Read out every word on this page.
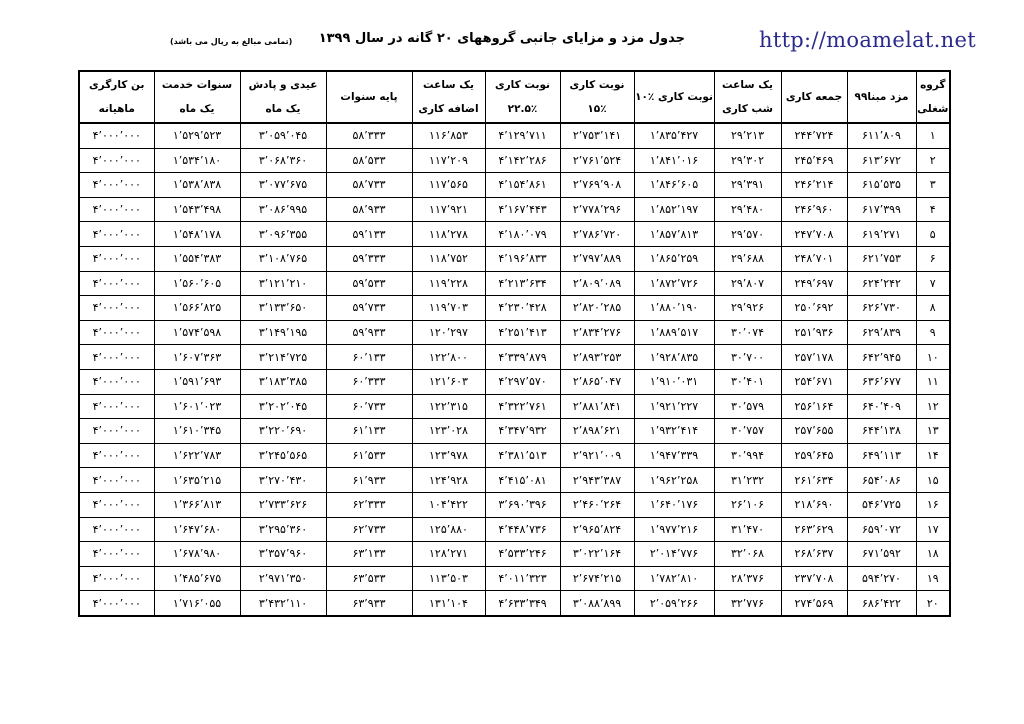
http://moamelat.net
جدول مزد و مزایای جانبی گروههای ۲۰ گانه در سال ۱۳۹۹
(تمامی مبالغ به ریال می باشد)
گروه شغلی	مزد مبنا۹۹	جمعه کاری	یک ساعت شب کاری	نوبت کاری ٪۱۰	نوبت کاری ٪۱۵	نوبت کاری ٪۲۲.۵	یک ساعت اضافه کاری	پایه سنوات	عیدی و پادش یک ماه	سنوات خدمت یک ماه	بن کارگری ماهیانه
۱	۶۱۱٬۸۰۹	۲۴۴٬۷۲۴	۲۹٬۲۱۳	۱٬۸۳۵٬۴۲۷	۲٬۷۵۳٬۱۴۱	۴٬۱۲۹٬۷۱۱	۱۱۶٬۸۵۳	۵۸٬۳۳۳	۳٬۰۵۹٬۰۴۵	۱٬۵۲۹٬۵۲۳	۴٬۰۰۰٬۰۰۰
۲	۶۱۳٬۶۷۲	۲۴۵٬۴۶۹	۲۹٬۳۰۲	۱٬۸۴۱٬۰۱۶	۲٬۷۶۱٬۵۲۴	۴٬۱۴۲٬۲۸۶	۱۱۷٬۲۰۹	۵۸٬۵۳۳	۳٬۰۶۸٬۳۶۰	۱٬۵۳۴٬۱۸۰	۴٬۰۰۰٬۰۰۰
۳	۶۱۵٬۵۳۵	۲۴۶٬۲۱۴	۲۹٬۳۹۱	۱٬۸۴۶٬۶۰۵	۲٬۷۶۹٬۹۰۸	۴٬۱۵۴٬۸۶۱	۱۱۷٬۵۶۵	۵۸٬۷۳۳	۳٬۰۷۷٬۶۷۵	۱٬۵۳۸٬۸۳۸	۴٬۰۰۰٬۰۰۰
۴	۶۱۷٬۳۹۹	۲۴۶٬۹۶۰	۲۹٬۴۸۰	۱٬۸۵۲٬۱۹۷	۲٬۷۷۸٬۲۹۶	۴٬۱۶۷٬۴۴۳	۱۱۷٬۹۲۱	۵۸٬۹۳۳	۳٬۰۸۶٬۹۹۵	۱٬۵۴۳٬۴۹۸	۴٬۰۰۰٬۰۰۰
۵	۶۱۹٬۲۷۱	۲۴۷٬۷۰۸	۲۹٬۵۷۰	۱٬۸۵۷٬۸۱۳	۲٬۷۸۶٬۷۲۰	۴٬۱۸۰٬۰۷۹	۱۱۸٬۲۷۸	۵۹٬۱۳۳	۳٬۰۹۶٬۳۵۵	۱٬۵۴۸٬۱۷۸	۴٬۰۰۰٬۰۰۰
۶	۶۲۱٬۷۵۳	۲۴۸٬۷۰۱	۲۹٬۶۸۸	۱٬۸۶۵٬۲۵۹	۲٬۷۹۷٬۸۸۹	۴٬۱۹۶٬۸۳۳	۱۱۸٬۷۵۲	۵۹٬۳۳۳	۳٬۱۰۸٬۷۶۵	۱٬۵۵۴٬۳۸۳	۴٬۰۰۰٬۰۰۰
۷	۶۲۴٬۲۴۲	۲۴۹٬۶۹۷	۲۹٬۸۰۷	۱٬۸۷۲٬۷۲۶	۲٬۸۰۹٬۰۸۹	۴٬۲۱۳٬۶۳۴	۱۱۹٬۲۲۸	۵۹٬۵۳۳	۳٬۱۲۱٬۲۱۰	۱٬۵۶۰٬۶۰۵	۴٬۰۰۰٬۰۰۰
۸	۶۲۶٬۷۳۰	۲۵۰٬۶۹۲	۲۹٬۹۲۶	۱٬۸۸۰٬۱۹۰	۲٬۸۲۰٬۲۸۵	۴٬۲۳۰٬۴۲۸	۱۱۹٬۷۰۳	۵۹٬۷۳۳	۳٬۱۳۳٬۶۵۰	۱٬۵۶۶٬۸۲۵	۴٬۰۰۰٬۰۰۰
۹	۶۲۹٬۸۳۹	۲۵۱٬۹۳۶	۳۰٬۰۷۴	۱٬۸۸۹٬۵۱۷	۲٬۸۳۴٬۲۷۶	۴٬۲۵۱٬۴۱۳	۱۲۰٬۲۹۷	۵۹٬۹۳۳	۳٬۱۴۹٬۱۹۵	۱٬۵۷۴٬۵۹۸	۴٬۰۰۰٬۰۰۰
۱۰	۶۴۲٬۹۴۵	۲۵۷٬۱۷۸	۳۰٬۷۰۰	۱٬۹۲۸٬۸۳۵	۲٬۸۹۳٬۲۵۳	۴٬۳۳۹٬۸۷۹	۱۲۲٬۸۰۰	۶۰٬۱۳۳	۳٬۲۱۴٬۷۲۵	۱٬۶۰۷٬۳۶۳	۴٬۰۰۰٬۰۰۰
۱۱	۶۳۶٬۶۷۷	۲۵۴٬۶۷۱	۳۰٬۴۰۱	۱٬۹۱۰٬۰۳۱	۲٬۸۶۵٬۰۴۷	۴٬۲۹۷٬۵۷۰	۱۲۱٬۶۰۳	۶۰٬۳۳۳	۳٬۱۸۳٬۳۸۵	۱٬۵۹۱٬۶۹۳	۴٬۰۰۰٬۰۰۰
۱۲	۶۴۰٬۴۰۹	۲۵۶٬۱۶۴	۳۰٬۵۷۹	۱٬۹۲۱٬۲۲۷	۲٬۸۸۱٬۸۴۱	۴٬۳۲۲٬۷۶۱	۱۲۲٬۳۱۵	۶۰٬۷۳۳	۳٬۲۰۲٬۰۴۵	۱٬۶۰۱٬۰۲۳	۴٬۰۰۰٬۰۰۰
۱۳	۶۴۴٬۱۳۸	۲۵۷٬۶۵۵	۳۰٬۷۵۷	۱٬۹۳۲٬۴۱۴	۲٬۸۹۸٬۶۲۱	۴٬۳۴۷٬۹۳۲	۱۲۳٬۰۲۸	۶۱٬۱۳۳	۳٬۲۲۰٬۶۹۰	۱٬۶۱۰٬۳۴۵	۴٬۰۰۰٬۰۰۰
۱۴	۶۴۹٬۱۱۳	۲۵۹٬۶۴۵	۳۰٬۹۹۴	۱٬۹۴۷٬۳۳۹	۲٬۹۲۱٬۰۰۹	۴٬۳۸۱٬۵۱۳	۱۲۳٬۹۷۸	۶۱٬۵۳۳	۳٬۲۴۵٬۵۶۵	۱٬۶۲۲٬۷۸۳	۴٬۰۰۰٬۰۰۰
۱۵	۶۵۴٬۰۸۶	۲۶۱٬۶۳۴	۳۱٬۲۳۲	۱٬۹۶۲٬۲۵۸	۲٬۹۴۳٬۳۸۷	۴٬۴۱۵٬۰۸۱	۱۲۴٬۹۲۸	۶۱٬۹۳۳	۳٬۲۷۰٬۴۳۰	۱٬۶۳۵٬۲۱۵	۴٬۰۰۰٬۰۰۰
۱۶	۵۴۶٬۷۲۵	۲۱۸٬۶۹۰	۲۶٬۱۰۶	۱٬۶۴۰٬۱۷۶	۲٬۴۶۰٬۲۶۴	۳٬۶۹۰٬۳۹۶	۱۰۴٬۴۲۲	۶۲٬۳۳۳	۲٬۷۳۳٬۶۲۶	۱٬۳۶۶٬۸۱۳	۴٬۰۰۰٬۰۰۰
۱۷	۶۵۹٬۰۷۲	۲۶۳٬۶۲۹	۳۱٬۴۷۰	۱٬۹۷۷٬۲۱۶	۲٬۹۶۵٬۸۲۴	۴٬۴۴۸٬۷۳۶	۱۲۵٬۸۸۰	۶۲٬۷۳۳	۳٬۲۹۵٬۳۶۰	۱٬۶۴۷٬۶۸۰	۴٬۰۰۰٬۰۰۰
۱۸	۶۷۱٬۵۹۲	۲۶۸٬۶۳۷	۳۲٬۰۶۸	۲٬۰۱۴٬۷۷۶	۳٬۰۲۲٬۱۶۴	۴٬۵۳۳٬۲۴۶	۱۲۸٬۲۷۱	۶۳٬۱۳۳	۳٬۳۵۷٬۹۶۰	۱٬۶۷۸٬۹۸۰	۴٬۰۰۰٬۰۰۰
۱۹	۵۹۴٬۲۷۰	۲۳۷٬۷۰۸	۲۸٬۳۷۶	۱٬۷۸۲٬۸۱۰	۲٬۶۷۴٬۲۱۵	۴٬۰۱۱٬۳۲۳	۱۱۳٬۵۰۳	۶۳٬۵۳۳	۲٬۹۷۱٬۳۵۰	۱٬۴۸۵٬۶۷۵	۴٬۰۰۰٬۰۰۰
۲۰	۶۸۶٬۴۲۲	۲۷۴٬۵۶۹	۳۲٬۷۷۶	۲٬۰۵۹٬۲۶۶	۳٬۰۸۸٬۸۹۹	۴٬۶۳۳٬۳۴۹	۱۳۱٬۱۰۴	۶۳٬۹۳۳	۳٬۴۳۲٬۱۱۰	۱٬۷۱۶٬۰۵۵	۴٬۰۰۰٬۰۰۰
